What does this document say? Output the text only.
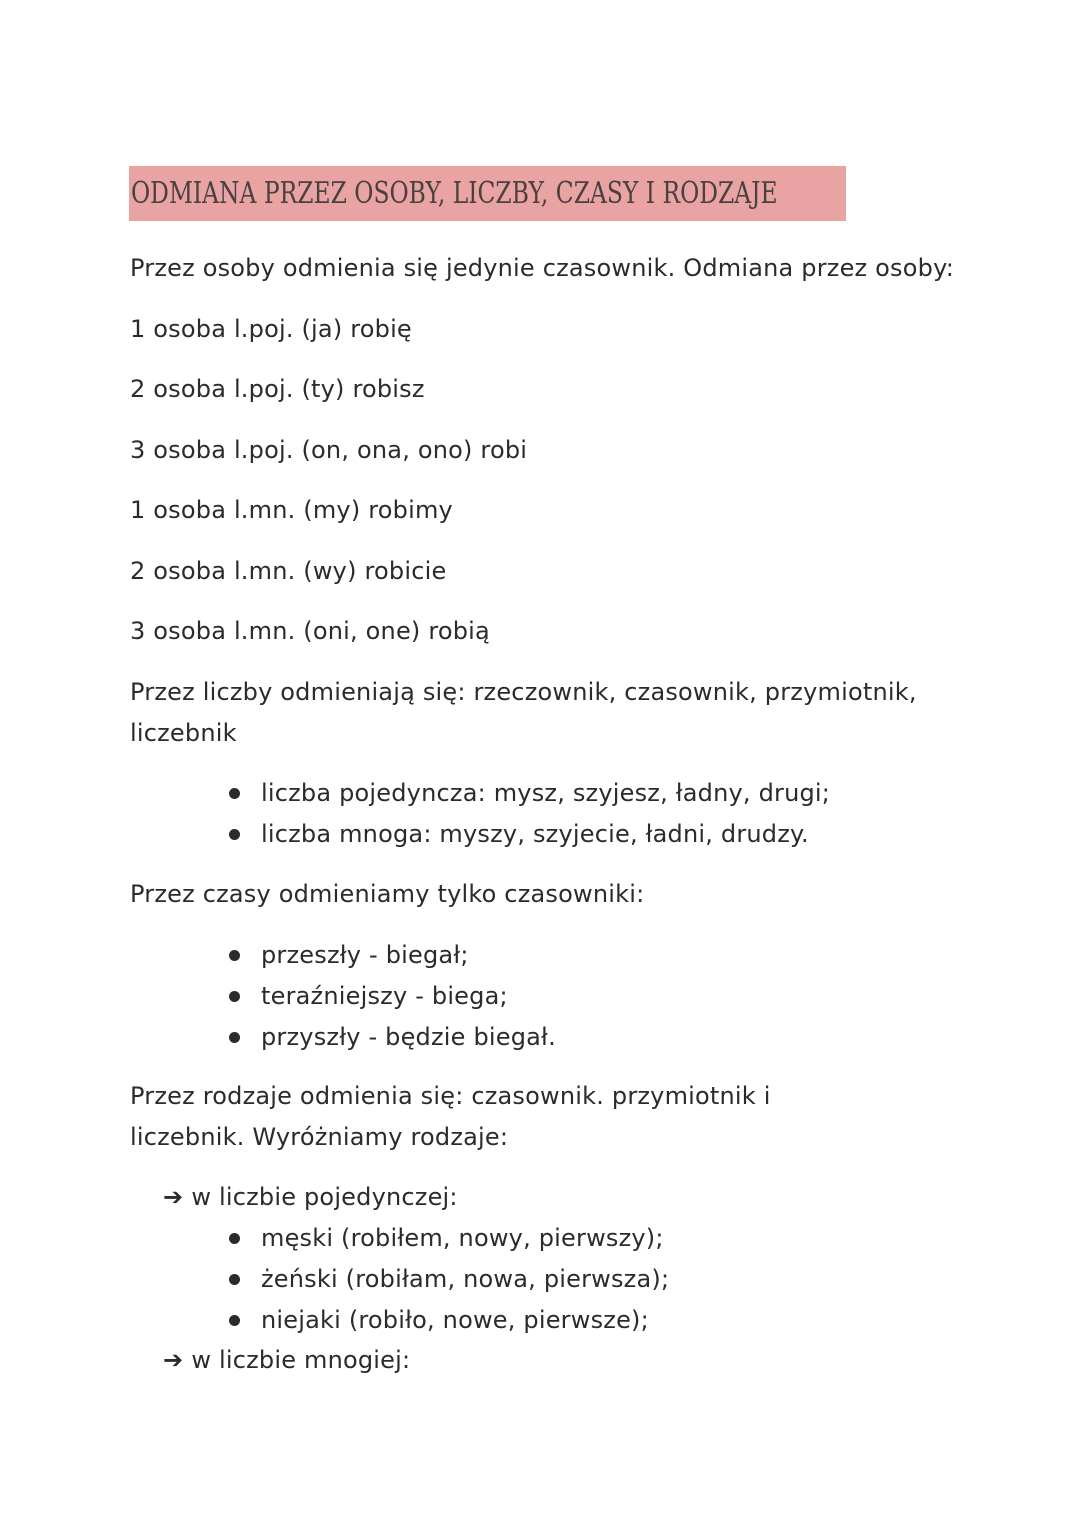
ODMIANA PRZEZ OSOBY, LICZBY, CZASY I RODZAJE
Przez osoby odmienia się jedynie czasownik. Odmiana przez osoby:
1 osoba l.poj. (ja) robię
2 osoba l.poj. (ty) robisz
3 osoba l.poj. (on, ona, ono) robi
1 osoba l.mn. (my) robimy
2 osoba l.mn. (wy) robicie
3 osoba l.mn. (oni, one) robią
Przez liczby odmieniają się: rzeczownik, czasownik, przymiotnik, liczebnik
liczba pojedyncza: mysz, szyjesz, ładny, drugi;
liczba mnoga: myszy, szyjecie, ładni, drudzy.
Przez czasy odmieniamy tylko czasowniki:
przeszły - biegał;
teraźniejszy - biega;
przyszły - będzie biegał.
Przez rodzaje odmienia się: czasownik. przymiotnik i liczebnik. Wyróżniamy rodzaje:
➔ w liczbie pojedynczej:
męski (robiłem, nowy, pierwszy);
żeński (robiłam, nowa, pierwsza);
niejaki (robiło, nowe, pierwsze);
➔ w liczbie mnogiej:
